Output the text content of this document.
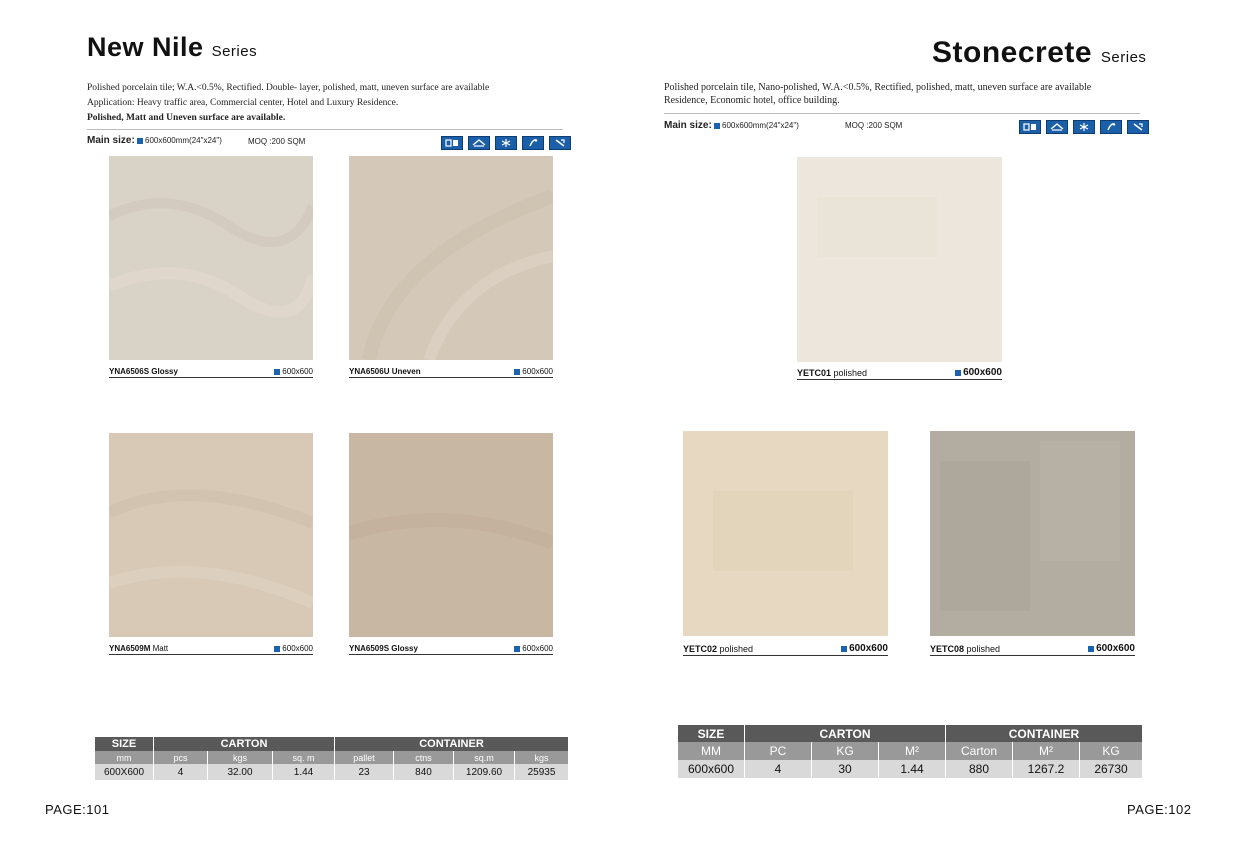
New Nile Series
Polished porcelain tile; W.A.<0.5%, Rectified. Double- layer, polished, matt, uneven surface are available
Application: Heavy traffic area, Commercial center, Hotel and Luxury Residence.
Polished, Matt and Uneven surface are available.
Main size: 600x600mm(24"x24")	MOQ :200 SQM
YNA6506S Glossy	600x600	YNA6506U Uneven	600x600
YNA6509M Matt	600x600	YNA6509S Glossy	600x600
SIZE	CARTON			CONTAINER			
mm	pcs	kgs	sq. m	pallet	ctns	sq.m	kgs
600X600	4	32.00	1.44	23	840	1209.60	25935
PAGE:101
Stonecrete Series
Polished porcelain tile, Nano-polished, W.A.<0.5%, Rectified, polished, matt, uneven surface are available
Residence, Economic hotel, office building.
Main size: 600x600mm(24"x24")	MOQ :200 SQM
YETC01 polished	600x600
YETC02 polished	600x600	YETC08 polished	600x600
SIZE	CARTON			CONTAINER		
MM	PC	KG	M²	Carton	M²	KG
600x600	4	30	1.44	880	1267.2	26730
PAGE:102
